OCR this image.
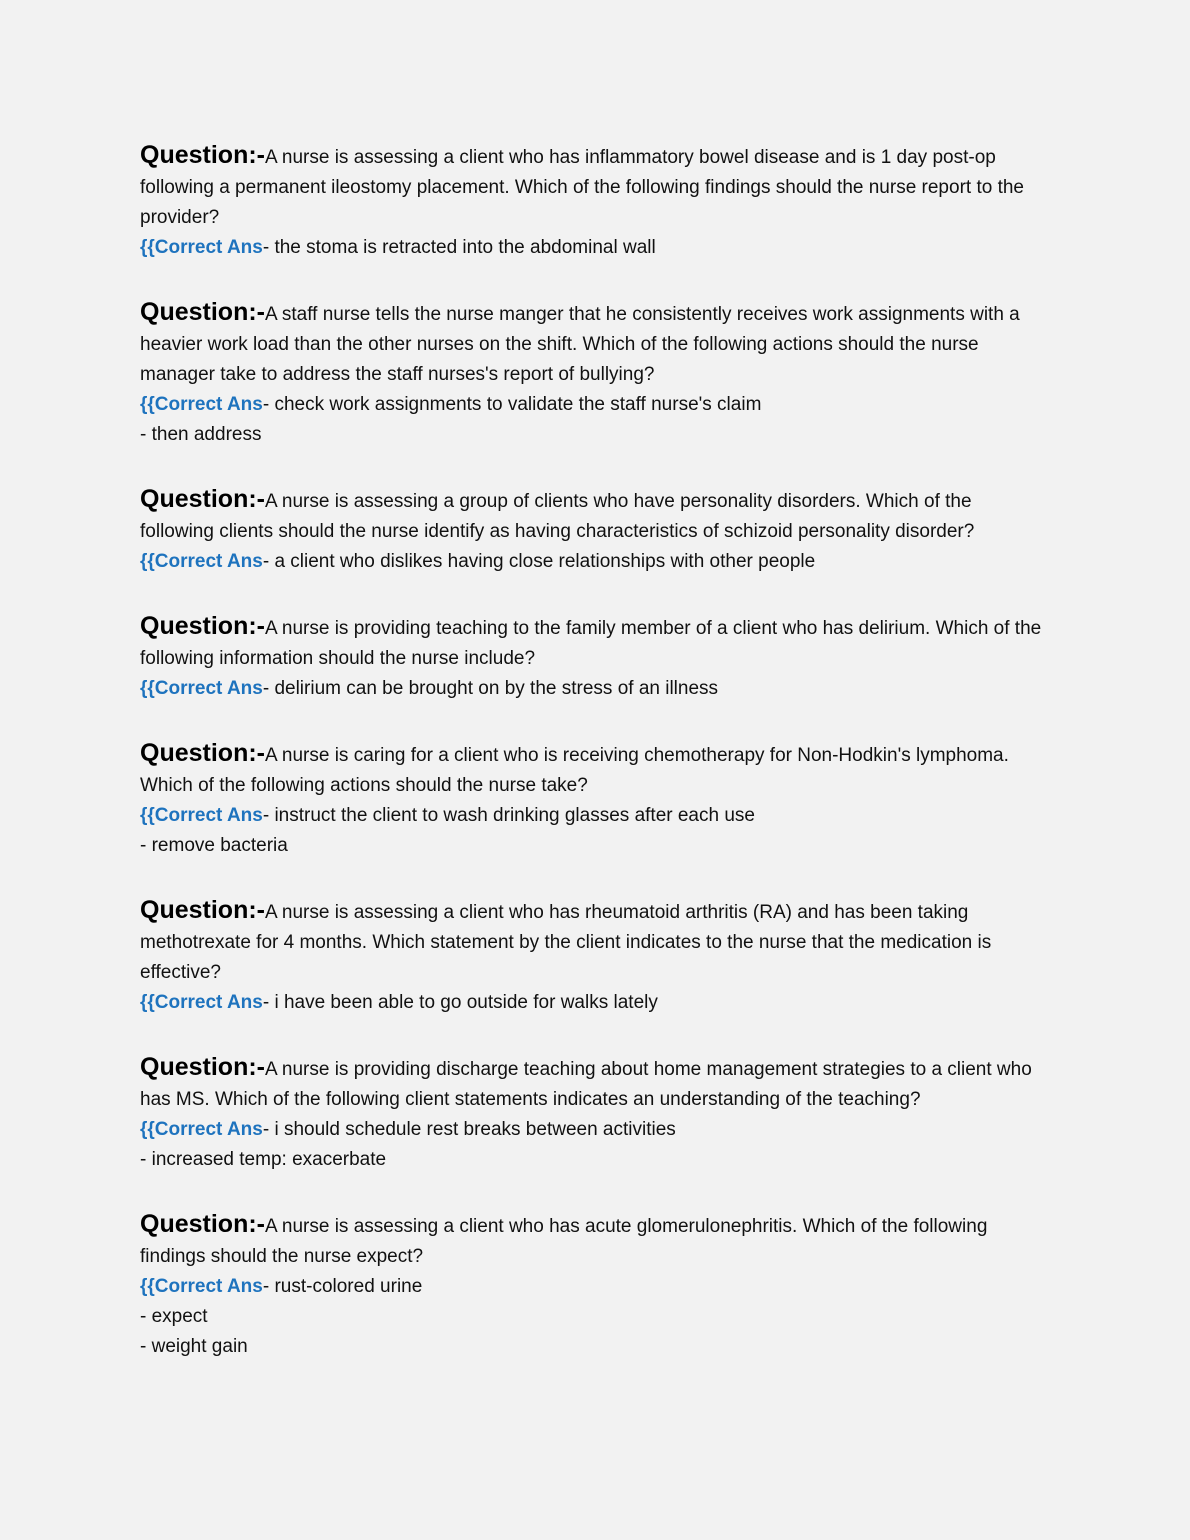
Question:-A nurse is assessing a client who has inflammatory bowel disease and is 1 day post-op following a permanent ileostomy placement. Which of the following findings should the nurse report to the provider?

{{Correct Ans- the stoma is retracted into the abdominal wall

Question:-A staff nurse tells the nurse manger that he consistently receives work assignments with a heavier work load than the other nurses on the shift. Which of the following actions should the nurse manager take to address the staff nurses's report of bullying?

{{Correct Ans- check work assignments to validate the staff nurse's claim

- then address

Question:-A nurse is assessing a group of clients who have personality disorders. Which of the following clients should the nurse identify as having characteristics of schizoid personality disorder?

{{Correct Ans- a client who dislikes having close relationships with other people

Question:-A nurse is providing teaching to the family member of a client who has delirium. Which of the following information should the nurse include?

{{Correct Ans- delirium can be brought on by the stress of an illness

Question:-A nurse is caring for a client who is receiving chemotherapy for Non-Hodkin's lymphoma. Which of the following actions should the nurse take?

{{Correct Ans- instruct the client to wash drinking glasses after each use

- remove bacteria

Question:-A nurse is assessing a client who has rheumatoid arthritis (RA) and has been taking methotrexate for 4 months. Which statement by the client indicates to the nurse that the medication is effective?

{{Correct Ans- i have been able to go outside for walks lately

Question:-A nurse is providing discharge teaching about home management strategies to a client who has MS. Which of the following client statements indicates an understanding of the teaching?

{{Correct Ans- i should schedule rest breaks between activities

- increased temp: exacerbate

Question:-A nurse is assessing a client who has acute glomerulonephritis. Which of the following findings should the nurse expect?

{{Correct Ans- rust-colored urine

- expect

- weight gain
